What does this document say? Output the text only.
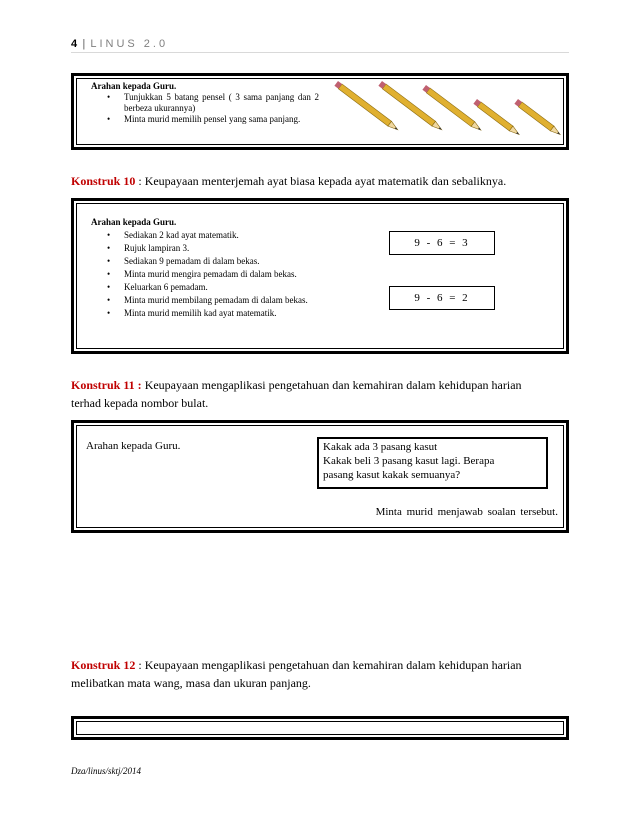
4 | LINUS 2.0
Arahan kepada Guru.
• Tunjukkan 5 batang pensel ( 3 sama panjang dan 2 berbeza ukurannya)
• Minta murid memilih pensel yang sama panjang.
Konstruk 10 : Keupayaan menterjemah ayat biasa kepada ayat matematik dan sebaliknya.
Arahan kepada Guru.
• Sediakan 2 kad ayat matematik.
• Rujuk lampiran 3.
• Sediakan 9 pemadam di dalam bekas.
• Minta murid mengira pemadam di dalam bekas.
• Keluarkan 6 pemadam.
• Minta murid membilang pemadam di dalam bekas.
• Minta murid memilih kad ayat matematik.
9 - 6 = 3
9 - 6 = 2
Konstruk 11 : Keupayaan mengaplikasi pengetahuan dan kemahiran dalam kehidupan harian terhad kepada nombor bulat.
Arahan kepada Guru.	Kakak ada 3 pasang kasut
Kakak beli 3 pasang kasut lagi. Berapa
pasang kasut kakak semuanya?
Minta murid menjawab soalan tersebut.
Konstruk 12 : Keupayaan mengaplikasi pengetahuan dan kemahiran dalam kehidupan harian melibatkan mata wang, masa dan ukuran panjang.
Dza/linus/sktj/2014
